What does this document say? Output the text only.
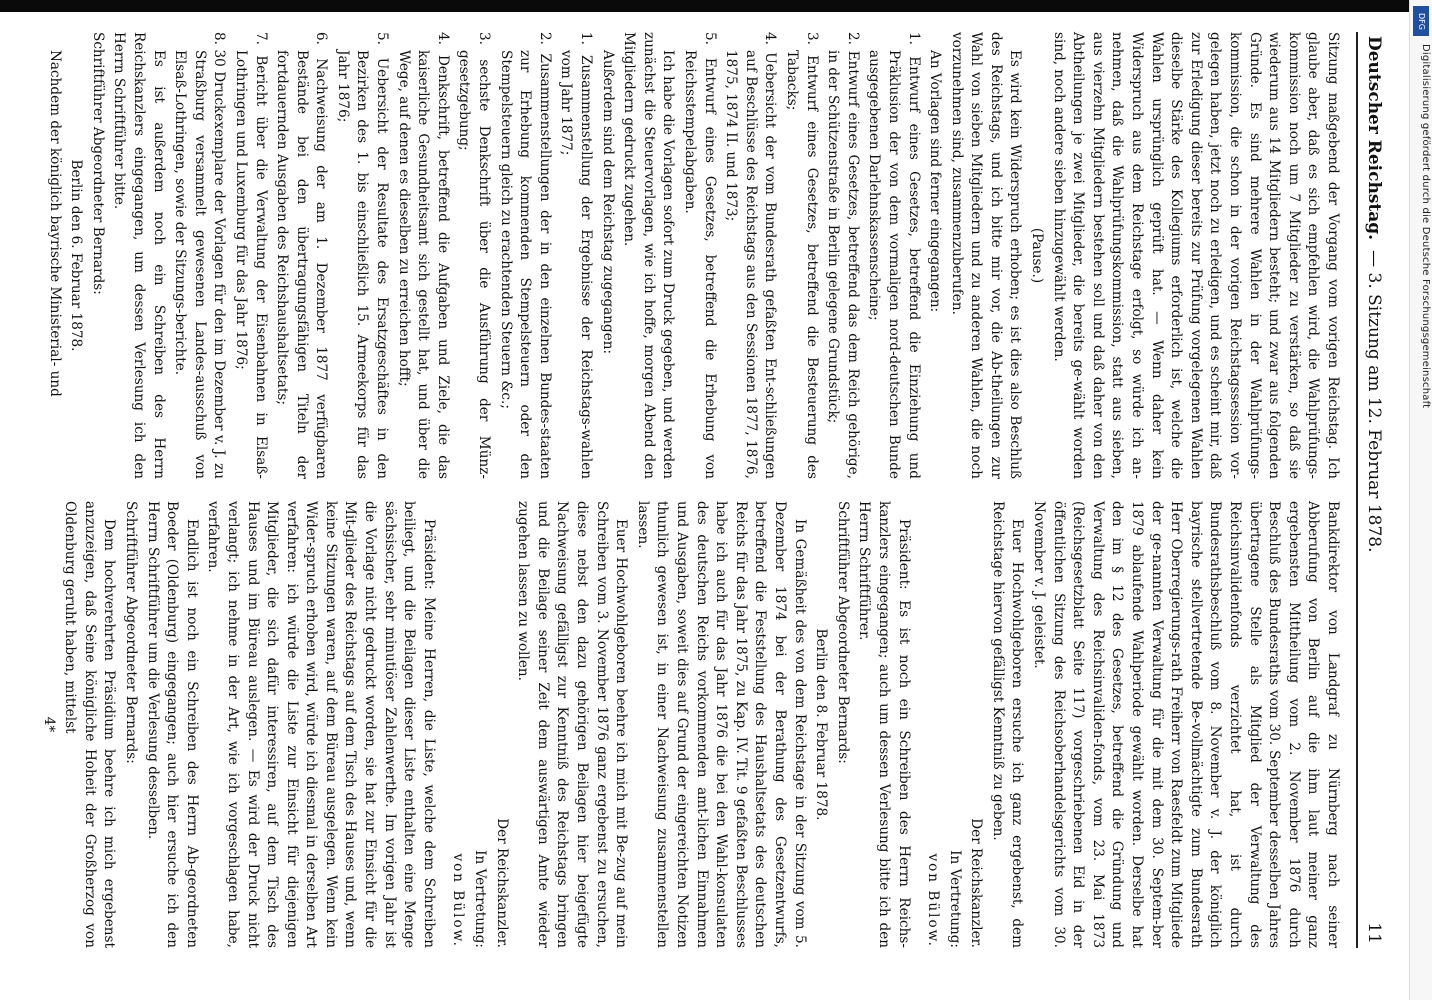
DFG
Digitalisierung gefördert durch die Deutsche Forschungsgemeinschaft
Deutscher Reichstag.
— 3. Sitzung am 12. Februar 1878.
11

Sitzung maßgebend der Vorgang vom vorigen Reichstag. Ich glaube aber, daß es sich empfehlen wird, die Wahlprüfungs-kommission noch um 7 Mitglieder zu verstärken, so daß sie wiederum aus 14 Mitgliedern besteht; und zwar aus folgenden Gründe. Es sind mehrere Wahlen in der Wahlprüfungs-kommission, die schon in der vorigen Reichstagssession vor-gelegen haben, jetzt noch zu erledigen, und es scheint mir, daß zur Erledigung dieser bereits zur Prüfung vorgelegenen Wahlen dieselbe Stärke des Kollegiums erforderlich ist, welche die Wahlen ursprünglich geprüft hat. — Wenn daher kein Widerspruch aus dem Reichstage erfolgt, so würde ich an-nehmen, daß die Wahlprüfungskommission, statt aus sieben, aus vierzehn Mitgliedern bestehen soll und daß daher von den Abtheilungen je zwei Mitglieder, die bereits ge-wählt worden sind, noch andere sieben hinzugewählt werden.

(Pause.)

Es wird kein Widerspruch erhoben; es ist dies also Beschluß des Reichstags, und ich bitte mir vor, die Ab-theilungen zur Wahl von sieben Mitgliedern und zu anderen Wahlen, die noch vorzunehmen sind, zusammenzuberufen.

An Vorlagen sind ferner eingegangen:

1. Entwurf eines Gesetzes, betreffend die Einziehung und Präklusion der von dem vormaligen nord-deutschen Bunde ausgegebenen Darlehnskassenscheine;

2. Entwurf eines Gesetzes, betreffend das dem Reich gehörige, in der Schützenstraße in Berlin gelegene Grundstück;

3. Entwurf eines Gesetzes, betreffend die Besteuerung des Tabacks;

4. Uebersicht der vom Bundesrath gefaßten Ent-schließungen auf Beschlüsse des Reichstags aus den Sessionen 1877, 1876, 1875, 1874 II. und 1873;

5. Entwurf eines Gesetzes, betreffend die Erhebung von Reichsstempelabgaben.

Ich habe die Vorlagen sofort zum Druck gegeben, und werden zunächst die Steuervorlagen, wie ich hoffe, morgen Abend den Mitgliedern gedruckt zugehen.

Außerdem sind dem Reichstag zugegangen:

1. Zusammenstellung der Ergebnisse der Reichstags-wahlen vom Jahr 1877;

2. Zusammenstellungen der in den einzelnen Bundes-staaten zur Erhebung kommenden Stempelsteuern oder den Stempelsteuern gleich zu erachtenden Steuern &c.;

3. sechste Denkschrift über die Ausführung der Münz-gesetzgebung;

4. Denkschrift, betreffend die Aufgaben und Ziele, die das kaiserliche Gesundheitsamt sich gestellt hat, und über die Wege, auf denen es dieselben zu erreichen hofft;

5. Uebersicht der Resultate des Ersatzgeschäftes in den Bezirken des 1. bis einschließlich 15. Armeekorps für das Jahr 1876;

6. Nachweisung der am 1. Dezember 1877 verfügbaren Bestände bei den übertragungsfähigen Titeln der fortdauernden Ausgaben des Reichshaushaltsetats;

7. Bericht über die Verwaltung der Eisenbahnen in Elsaß-Lothringen und Luxemburg für das Jahr 1876;

8. 30 Druckexemplare der Vorlagen für den im Dezember v. J. zu Straßburg versammelt gewesenen Landes-ausschuß von Elsaß-Lothringen, sowie der Sitzungs-berichte.

Es ist außerdem noch ein Schreiben des Herrn Reichskanzlers eingegangen, um dessen Verlesung ich den Herrn Schriftführer bitte.

Schriftführer Abgeordneter Bernards:

Berlin den 6. Februar 1878.

Nachdem der königlich bayrische Ministerial- und

Bankdirektor von Landgraf zu Nürnberg nach seiner Abberufung von Berlin auf die ihm laut meiner ganz ergebensten Mittheilung vom 2. November 1876 durch Beschluß des Bundesraths vom 30. September desselben Jahres übertragene Stelle als Mitglied der Verwaltung des Reichsinvalidenfonds verzichtet hat, ist durch Bundesrathsbeschluß vom 8. November v. J. der königlich bayrische stellvertretende Be-vollmächtigte zum Bundesrath Herr Oberregierungs-rath Freiherr von Raesfeldt zum Mitgliede der ge-nannten Verwaltung für die mit dem 30. Septem-ber 1879 ablaufende Wahlperiode gewählt worden. Derselbe hat den im § 12 des Gesetzes, betreffend die Gründung und Verwaltung des Reichsinvaliden-fonds, vom 23. Mai 1873 (Reichsgesetzblatt Seite 117) vorgeschriebenen Eid in der öffentlichen Sitzung des Reichsoberhandelsgerichts vom 30. November v. J. geleistet.

Euer Hochwohlgeboren ersuche ich ganz ergebenst, dem Reichstage hiervon gefälligst Kenntniß zu geben.

Der Reichskanzler.

In Vertretung:

von Bülow.

Präsident: Es ist noch ein Schreiben des Herrn Reichs-kanzlers eingegangen; auch um dessen Verlesung bitte ich den Herrn Schriftführer.

Schriftführer Abgeordneter Bernards:

Berlin den 8. Februar 1878.

In Gemäßheit des von dem Reichstage in der Sitzung vom 5. Dezember 1874 bei der Berathung des Gesetzentwurfs, betreffend die Feststellung des Haushaltsetats des deutschen Reichs für das Jahr 1875, zu Kap. IV. Tit. 9 gefaßten Beschlusses habe ich auch für das Jahr 1876 die bei den Wahl-konsulaten des deutschen Reichs vorkommenden amt-lichen Einnahmen und Ausgaben, soweit dies auf Grund der eingereichten Notizen thunlich gewesen ist, in einer Nachweisung zusammenstellen lassen.

Euer Hochwohlgeboren beehre ich mich mit Be-zug auf mein Schreiben vom 3. November 1876 ganz ergebenst zu ersuchen, diese nebst den dazu gehörigen Beilagen hier beigefügte Nachweisung gefälligst zur Kenntniß des Reichstags bringen und die Beilage seiner Zeit dem auswärtigen Amte wieder zugehen lassen zu wollen.

Der Reichskanzler.

In Vertretung:

von Bülow.

Präsident: Meine Herren, die Liste, welche dem Schreiben beiliegt, und die Beilagen dieser Liste enthalten eine Menge sächsischer, sehr minutiöser Zahlenwerthe. Im vorigen Jahr ist die Vorlage nicht gedruckt worden, sie hat zur Einsicht für die Mit-glieder des Reichstags auf dem Tisch des Hauses und, wenn keine Sitzungen waren, auf dem Büreau ausgelegen. Wenn kein Wider-spruch erhoben wird, würde ich diesmal in derselben Art verfahren: ich würde die Liste zur Einsicht für diejenigen Mitglieder, die sich dafür interessiren, auf dem Tisch des Hauses und im Büreau auslegen. — Es wird der Druck nicht verlangt; ich nehme in der Art, wie ich vorgeschlagen habe, verfahren.

Endlich ist noch ein Schreiben des Herrn Ab-geordneten Boeder (Oldenburg) eingegangen; auch hier ersuche ich den Herrn Schriftführer um die Verlesung desselben.

Schriftführer Abgeordneter Bernards:

Dem hochverehrten Präsidium beehre ich mich ergebenst anzuzeigen, daß Seine königliche Hoheit der Großherzog von Oldenburg geruht haben, mittelst

4*
